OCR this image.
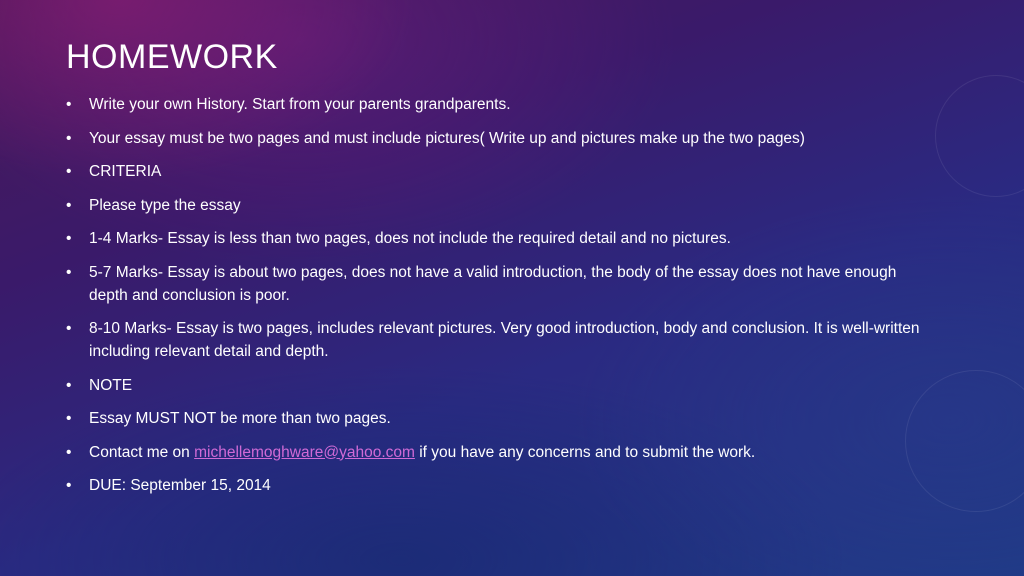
HOMEWORK
• Write your own History. Start from your parents grandparents.
• Your essay must be two pages and must include pictures( Write up and pictures make up the two pages)
• CRITERIA
• Please type the essay
• 1-4 Marks- Essay is less than two pages, does not include the required detail and no pictures.
• 5-7 Marks- Essay is about two pages, does not have a valid introduction, the body of the essay does not have enough depth and conclusion is poor.
• 8-10 Marks- Essay is two pages, includes relevant pictures. Very good introduction, body and conclusion. It is well-written including relevant detail and depth.
• NOTE
• Essay MUST NOT be more than two pages.
• Contact me on michellemoghware@yahoo.com if you have any concerns and to submit the work.
• DUE: September 15, 2014
